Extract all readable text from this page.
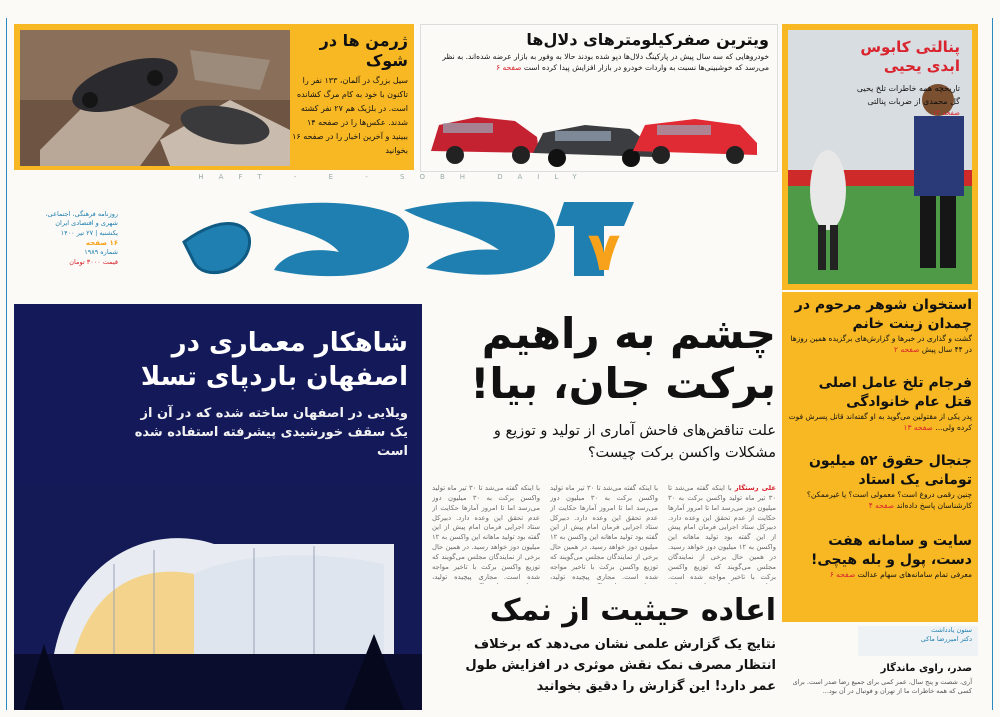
ژرمن ها در شوک
سیل بزرگ در آلمان، ۱۳۳ نفر را تاکنون با خود به کام مرگ کشانده است. در بلژیک هم ۲۷ نفر کشته شدند. عکس‌ها را در صفحه ۱۴ ببینید و آخرین اخبار را در صفحه ۱۶ بخوانید
ویترین صفرکیلومترهای دلال‌ها
خودروهایی که سه سال پیش در پارکینگ دلال‌ها دپو شده بودند حالا به وفور به بازار عرضه شده‌اند. به نظر می‌رسد که خوشبینی‌ها نسبت به واردات خودرو در بازار افزایش پیدا کرده است صفحه ۶
پنالتی کابوس ابدی یحیی
تاریخچه همه خاطرات تلخ یحیی گل محمدی از ضربات پنالتی
صفحه ۱۲
HAFT - E - SOBH DAILY
۷
روزنامه فرهنگی، اجتماعی،
شهری و اقتصادی ایران
یکشنبه | ۲۷ تیر ۱۴۰۰
۱۶ صفحه
شماره ۱۹۸۹
قیمت ۳۰۰۰ تومان
شاهکار معماری در اصفهان باردپای تسلا
ویلایی در اصفهان ساخته شده که در آن از یک سقف خورشیدی پیشرفته استفاده شده است
چشم به راهیم
برکت جان، بیا!
علت تناقض‌های فاحش آماری از تولید و توزیع و مشکلات واکسن برکت چیست؟
علی رستگار با اینکه گفته می‌شد تا ۳۰ تیر ماه تولید واکسن برکت به ۳۰ میلیون دوز می‌رسد اما تا امروز آمارها حکایت از عدم تحقق این وعده دارد. دبیرکل ستاد اجرایی فرمان امام پیش از این گفته بود تولید ماهانه این واکسن به ۱۲ میلیون دوز خواهد رسید. در همین حال برخی از نمایندگان مجلس می‌گویند که توزیع واکسن برکت با تاخیر مواجه شده است.
با اینکه گفته می‌شد تا ۳۰ تیر ماه تولید واکسن برکت به ۳۰ میلیون دوز می‌رسد اما تا امروز آمارها حکایت از عدم تحقق این وعده دارد. دبیرکل ستاد اجرایی فرمان امام پیش از این گفته بود تولید ماهانه این واکسن به ۱۲ میلیون دوز خواهد رسید. در همین حال برخی از نمایندگان مجلس می‌گویند که توزیع واکسن برکت با تاخیر مواجه شده است. مجاری پیچیده تولید،
با اینکه گفته می‌شد تا ۳۰ تیر ماه تولید واکسن برکت به ۳۰ میلیون دوز می‌رسد اما تا امروز آمارها حکایت از عدم تحقق این وعده دارد. دبیرکل ستاد اجرایی فرمان امام پیش از این گفته بود تولید ماهانه این واکسن به ۱۲ میلیون دوز خواهد رسید. در همین حال برخی از نمایندگان مجلس می‌گویند که توزیع واکسن برکت با تاخیر مواجه شده است. مجاری پیچیده تولید،
اعاده حیثیت از نمک
نتایج یک گزارش علمی نشان می‌دهد که برخلاف انتظار مصرف نمک نقش موثری در افزایش طول عمر دارد! این گزارش را دقیق بخوانید
استخوان شوهر مرحوم در چمدان زینت خانم
گشت و گذاری در خبرها و گزارش‌های برگزیده همین روزها در ۴۴ سال پیش صفحه ۲
فرجام تلخ عامل اصلی قتل عام خانوادگی
پدر یکی از مقتولین می‌گوید به او گفته‌اند قاتل پسرش فوت کرده ولی... صفحه ۱۳
جنجال حقوق ۵۲ میلیون تومانی یک استاد
چنین رقمی دروغ است؟ معمولی است؟ یا غیرممکن؟ کارشناسان پاسخ داده‌اند صفحه ۴
سایت و سامانه هفت دست، پول و بله هیچی!
معرفی تمام سامانه‌های سهام عدالت صفحه ۶
ستون یادداشت
دکتر امیررضا ماکی
صدر، راوی ماندگار
آری، شصت و پنج سال، عمر کمی برای جمیع رضا صدر است. برای کسی که همه خاطرات ما از تهران و فوتبال در آن بود...
